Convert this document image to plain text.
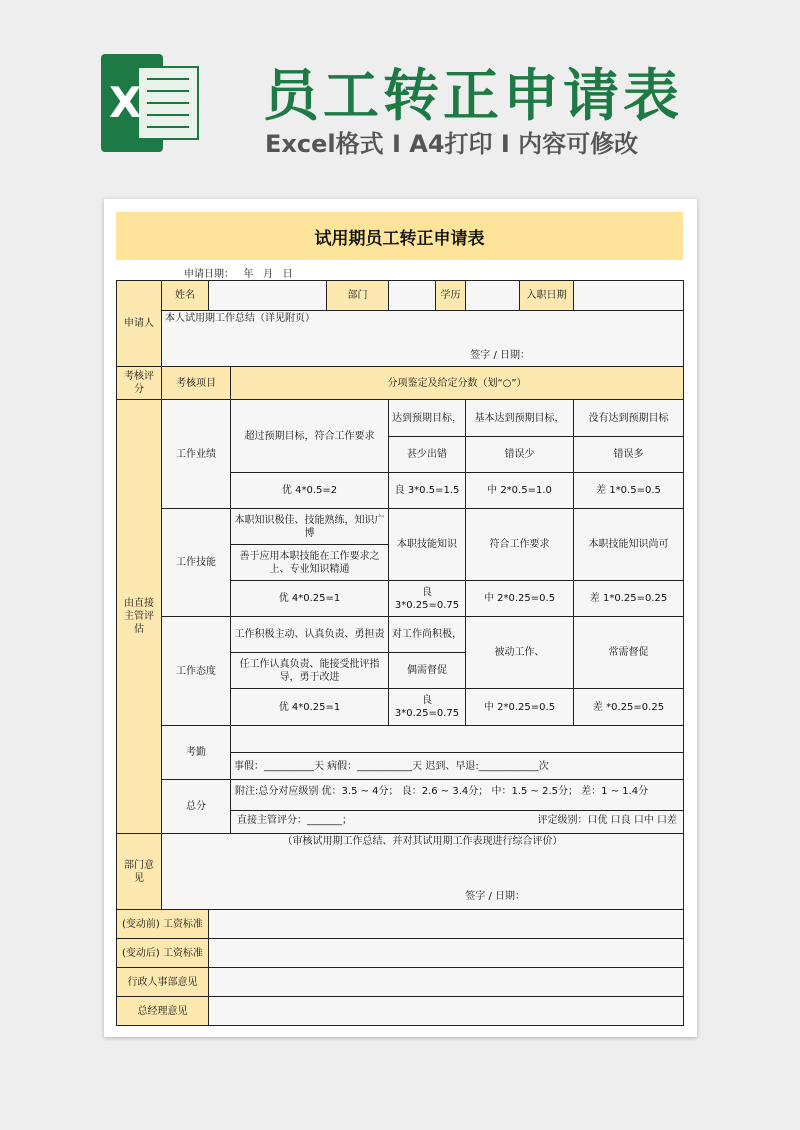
X 员工转正申请表
Excel格式 Ⅰ A4打印 Ⅰ 内容可修改
试用期员工转正申请表
申请日期：   年   月   日
申请人	姓名			部门		学历		入职日期	

	本人试用期工作总结（详见附页）
签字 / 日期：								

考核评分	考核项目		分项鉴定及给定分数（划“○”）						
由直接主管评估	工作业绩		超过预期目标，符合工作要求		达到预期目标，		基本达到预期目标，		没有达到预期目标
					甚少出错		错误少		错误多
			优 4*0.5=2		良 3*0.5=1.5		中 2*0.5=1.0		差 1*0.5=0.5
	工作技能		本职知识极佳、技能熟练，知识广博		本职技能知识		符合工作要求		本职技能知识尚可
			善于应用本职技能在工作要求之上、专业知识精通						
			优 4*0.25=1		良 3*0.25=0.75		中 2*0.25=0.5		差 1*0.25=0.25
	工作态度		工作积极主动、认真负责、勇担责		对工作尚积极，		被动工作、		常需督促
			任工作认真负责、能接受批评指导，勇于改进		偶需督促				
			优 4*0.25=1		良 3*0.25=0.75		中 2*0.25=0.5		差 *0.25=0.25
	考勤								
			事假：__________天 病假：___________天 迟到、早退:____________次						
	总分		附注:总分对应级别 优：3.5 ~ 4分； 良：2.6 ~ 3.4分； 中：1.5 ~ 2.5分； 差：1 ~ 1.4分
直接主管评分：_______； 评定级别：口优 口良 口中 口差						

部门意见	（审核试用期工作总结、并对其试用期工作表现进行综合评价）
签字 / 日期：								

(变动前) 工资标准									
(变动后) 工资标准									
行政人事部意见									
总经理意见									
